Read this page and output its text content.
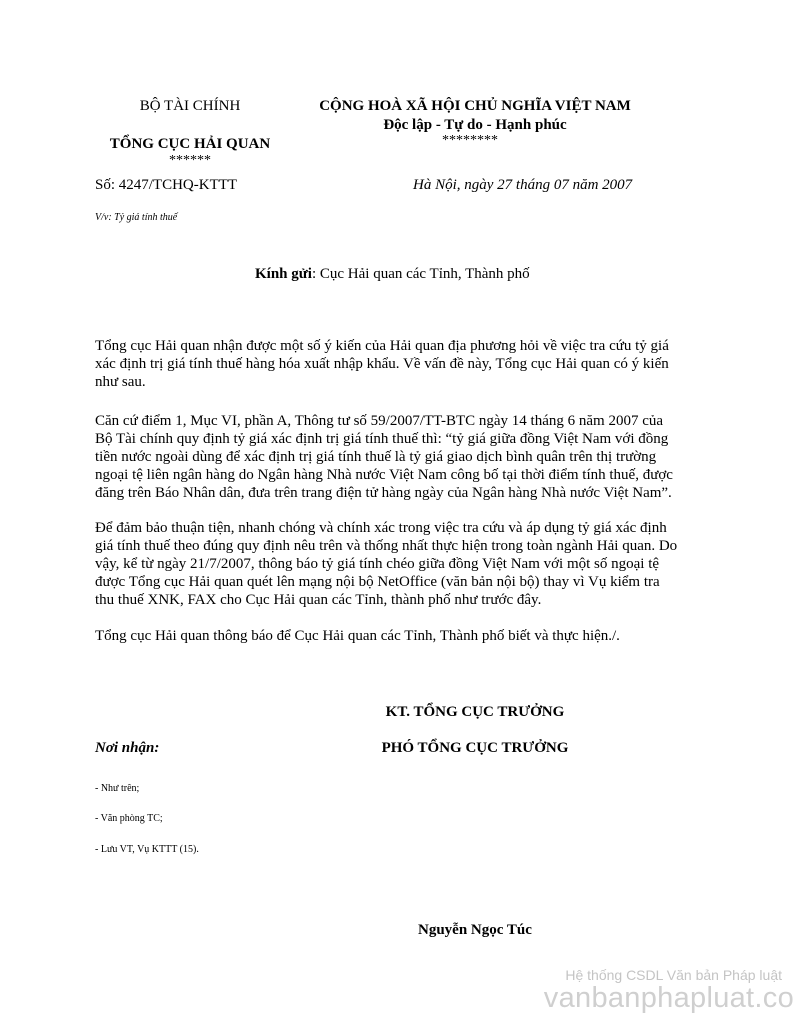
BỘ TÀI CHÍNH
TỔNG CỤC HẢI QUAN
******
CỘNG HOÀ XÃ HỘI CHỦ NGHĨA VIỆT NAM
Độc lập - Tự do - Hạnh phúc
********
Số: 4247/TCHQ-KTTT	Hà Nội, ngày 27 tháng 07 năm 2007
V/v: Tỷ giá tính thuế
Kính gửi: Cục Hải quan các Tỉnh, Thành phố
Tổng cục Hải quan nhận được một số ý kiến của Hải quan địa phương hỏi về việc tra cứu tỷ giá xác định trị giá tính thuế hàng hóa xuất nhập khẩu. Về vấn đề này, Tổng cục Hải quan có ý kiến như sau.
Căn cứ điểm 1, Mục VI, phần A, Thông tư số 59/2007/TT-BTC ngày 14 tháng 6 năm 2007 của Bộ Tài chính quy định tỷ giá xác định trị giá tính thuế thì: “tỷ giá giữa đồng Việt Nam với đồng tiền nước ngoài dùng để xác định trị giá tính thuế là tỷ giá giao dịch bình quân trên thị trường ngoại tệ liên ngân hàng do Ngân hàng Nhà nước Việt Nam công bố tại thời điểm tính thuế, được đăng trên Báo Nhân dân, đưa trên trang điện tử hàng ngày của Ngân hàng Nhà nước Việt Nam”.
Để đảm bảo thuận tiện, nhanh chóng và chính xác trong việc tra cứu và áp dụng tỷ giá xác định giá tính thuế theo đúng quy định nêu trên và thống nhất thực hiện trong toàn ngành Hải quan. Do vậy, kể từ ngày 21/7/2007, thông báo tỷ giá tính chéo giữa đồng Việt Nam với một số ngoại tệ được Tổng cục Hải quan quét lên mạng nội bộ NetOffice (văn bản nội bộ) thay vì Vụ kiểm tra thu thuế XNK, FAX cho Cục Hải quan các Tỉnh, thành phố như trước đây.
Tổng cục Hải quan thông báo để Cục Hải quan các Tỉnh, Thành phố biết và thực hiện./.
KT. TỔNG CỤC TRƯỞNG
PHÓ TỔNG CỤC TRƯỞNG
Nguyễn Ngọc Túc
Nơi nhận:
- Như trên;
- Văn phòng TC;
- Lưu VT, Vụ KTTT (15).
Hệ thống CSDL Văn bản Pháp luật
vanbanphapluat.co
